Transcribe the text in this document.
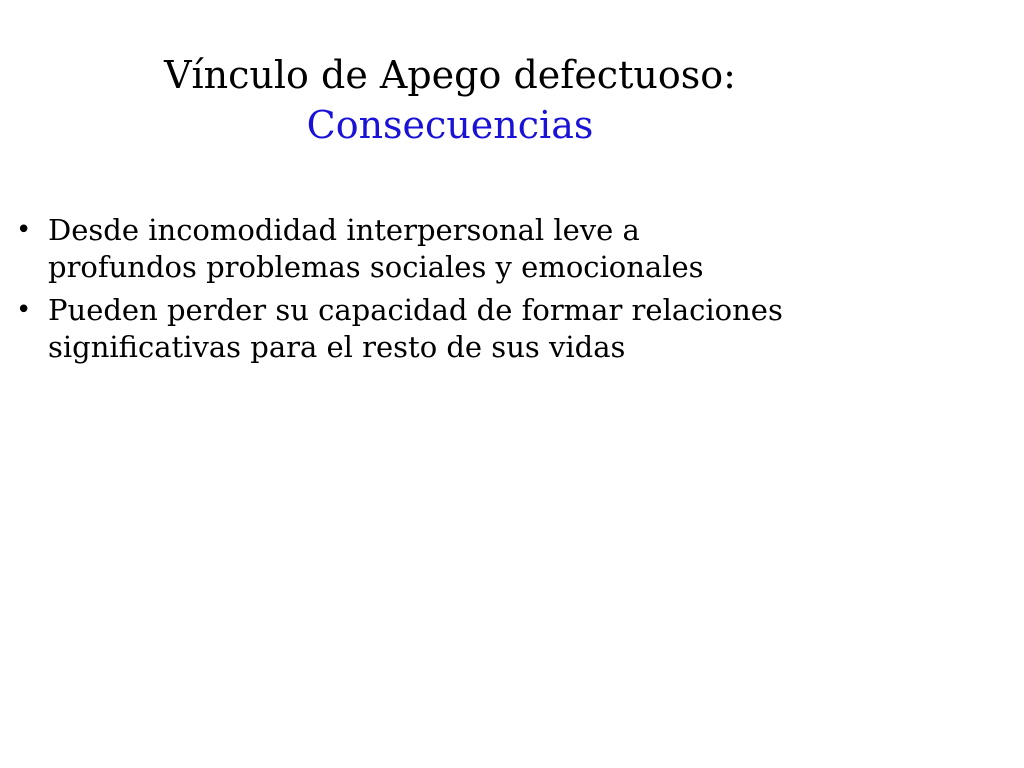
Vínculo de Apego defectuoso:
Consecuencias
• Desde incomodidad interpersonal leve a
profundos problemas sociales y emocionales
• Pueden perder su capacidad de formar relaciones
significativas para el resto de sus vidas
